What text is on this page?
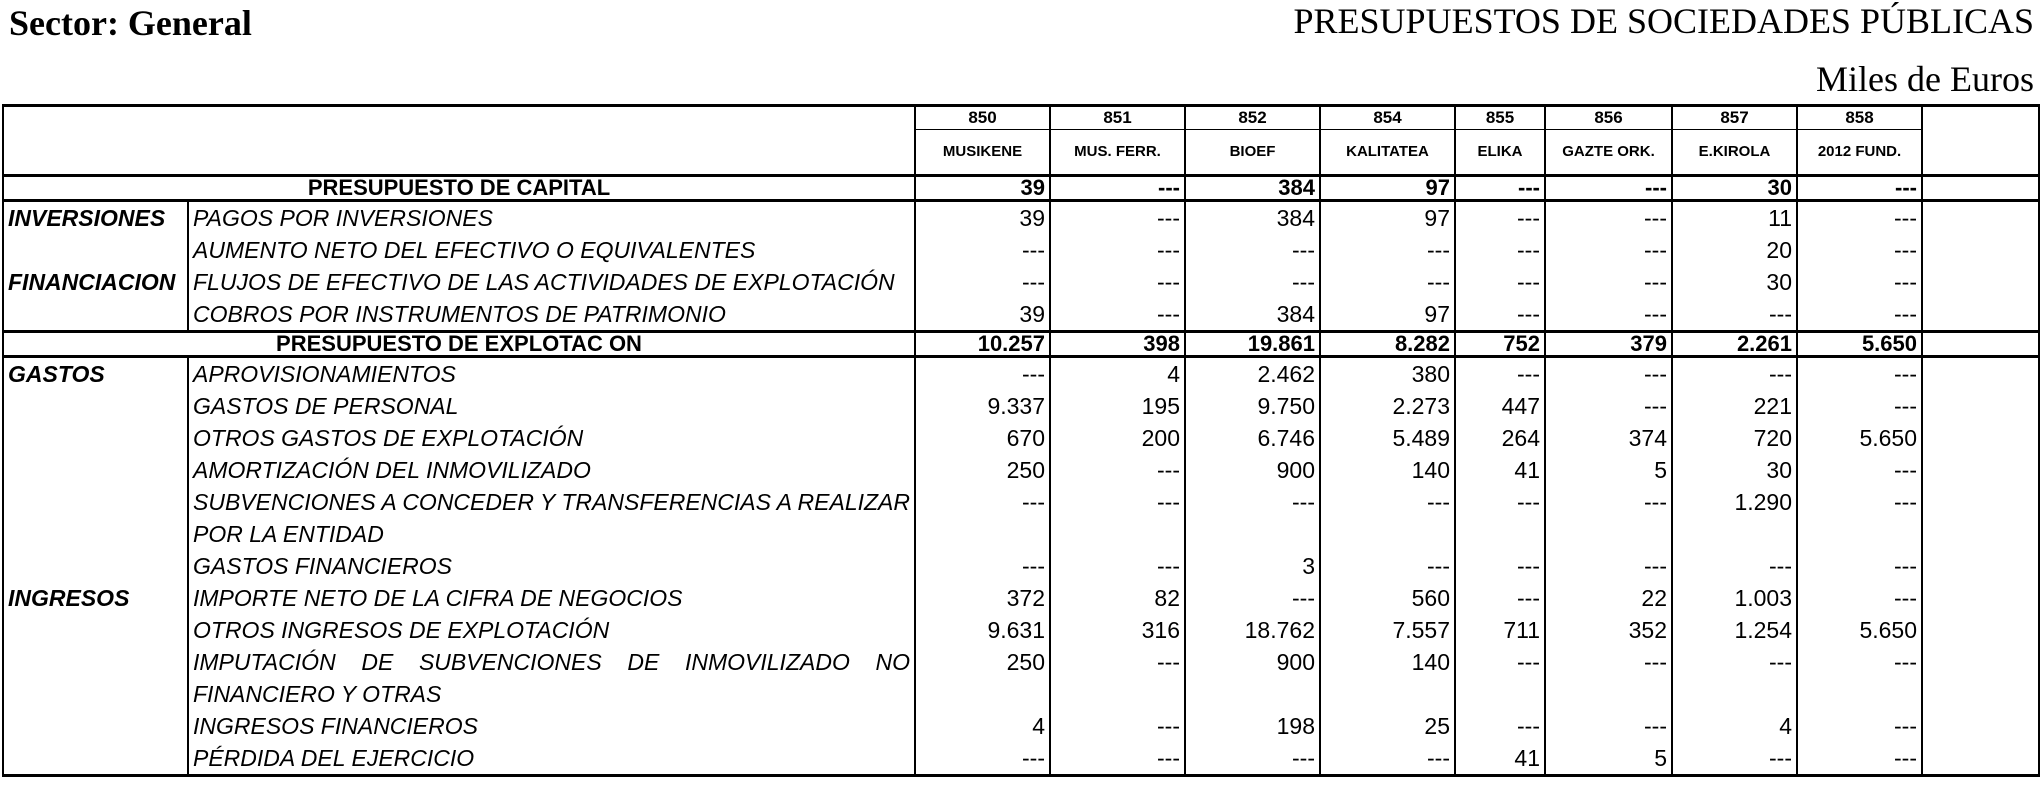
Sector: General	PRESUPUESTOS DE SOCIEDADES PÚBLICAS
Miles de Euros
		850	851	852	854	855	856	857	858	
		MUSIKENE	MUS. FERR.	BIOEF	KALITATEA	ELIKA	GAZTE ORK.	E.KIROLA	2012 FUND.	
PRESUPUESTO DE CAPITAL		39	---	384	97	---	---	30	---	
INVERSIONES	PAGOS POR INVERSIONES	39	---	384	97	---	---	11	---	
	AUMENTO NETO DEL EFECTIVO O EQUIVALENTES	---	---	---	---	---	---	20	---	
FINANCIACION	FLUJOS DE EFECTIVO DE LAS ACTIVIDADES DE EXPLOTACIÓN	---	---	---	---	---	---	30	---	
	COBROS POR INSTRUMENTOS DE PATRIMONIO	39	---	384	97	---	---	---	---	
PRESUPUESTO DE EXPLOTAC ON		10.257	398	19.861	8.282	752	379	2.261	5.650	
GASTOS	APROVISIONAMIENTOS	---	4	2.462	380	---	---	---	---	
	GASTOS DE PERSONAL	9.337	195	9.750	2.273	447	---	221	---	
	OTROS GASTOS DE EXPLOTACIÓN	670	200	6.746	5.489	264	374	720	5.650	
	AMORTIZACIÓN DEL INMOVILIZADO	250	---	900	140	41	5	30	---	
	SUBVENCIONES A CONCEDER Y TRANSFERENCIAS A REALIZAR POR LA ENTIDAD	---	---	---	---	---	---	1.290	---	
	GASTOS FINANCIEROS	---	---	3	---	---	---	---	---	
INGRESOS	IMPORTE NETO DE LA CIFRA DE NEGOCIOS	372	82	---	560	---	22	1.003	---	
	OTROS INGRESOS DE EXPLOTACIÓN	9.631	316	18.762	7.557	711	352	1.254	5.650	
	IMPUTACIÓN DE SUBVENCIONES DE INMOVILIZADO NO FINANCIERO Y OTRAS	250	---	900	140	---	---	---	---	
	INGRESOS FINANCIEROS	4	---	198	25	---	---	4	---	
	PÉRDIDA DEL EJERCICIO	---	---	---	---	41	5	---	---	
